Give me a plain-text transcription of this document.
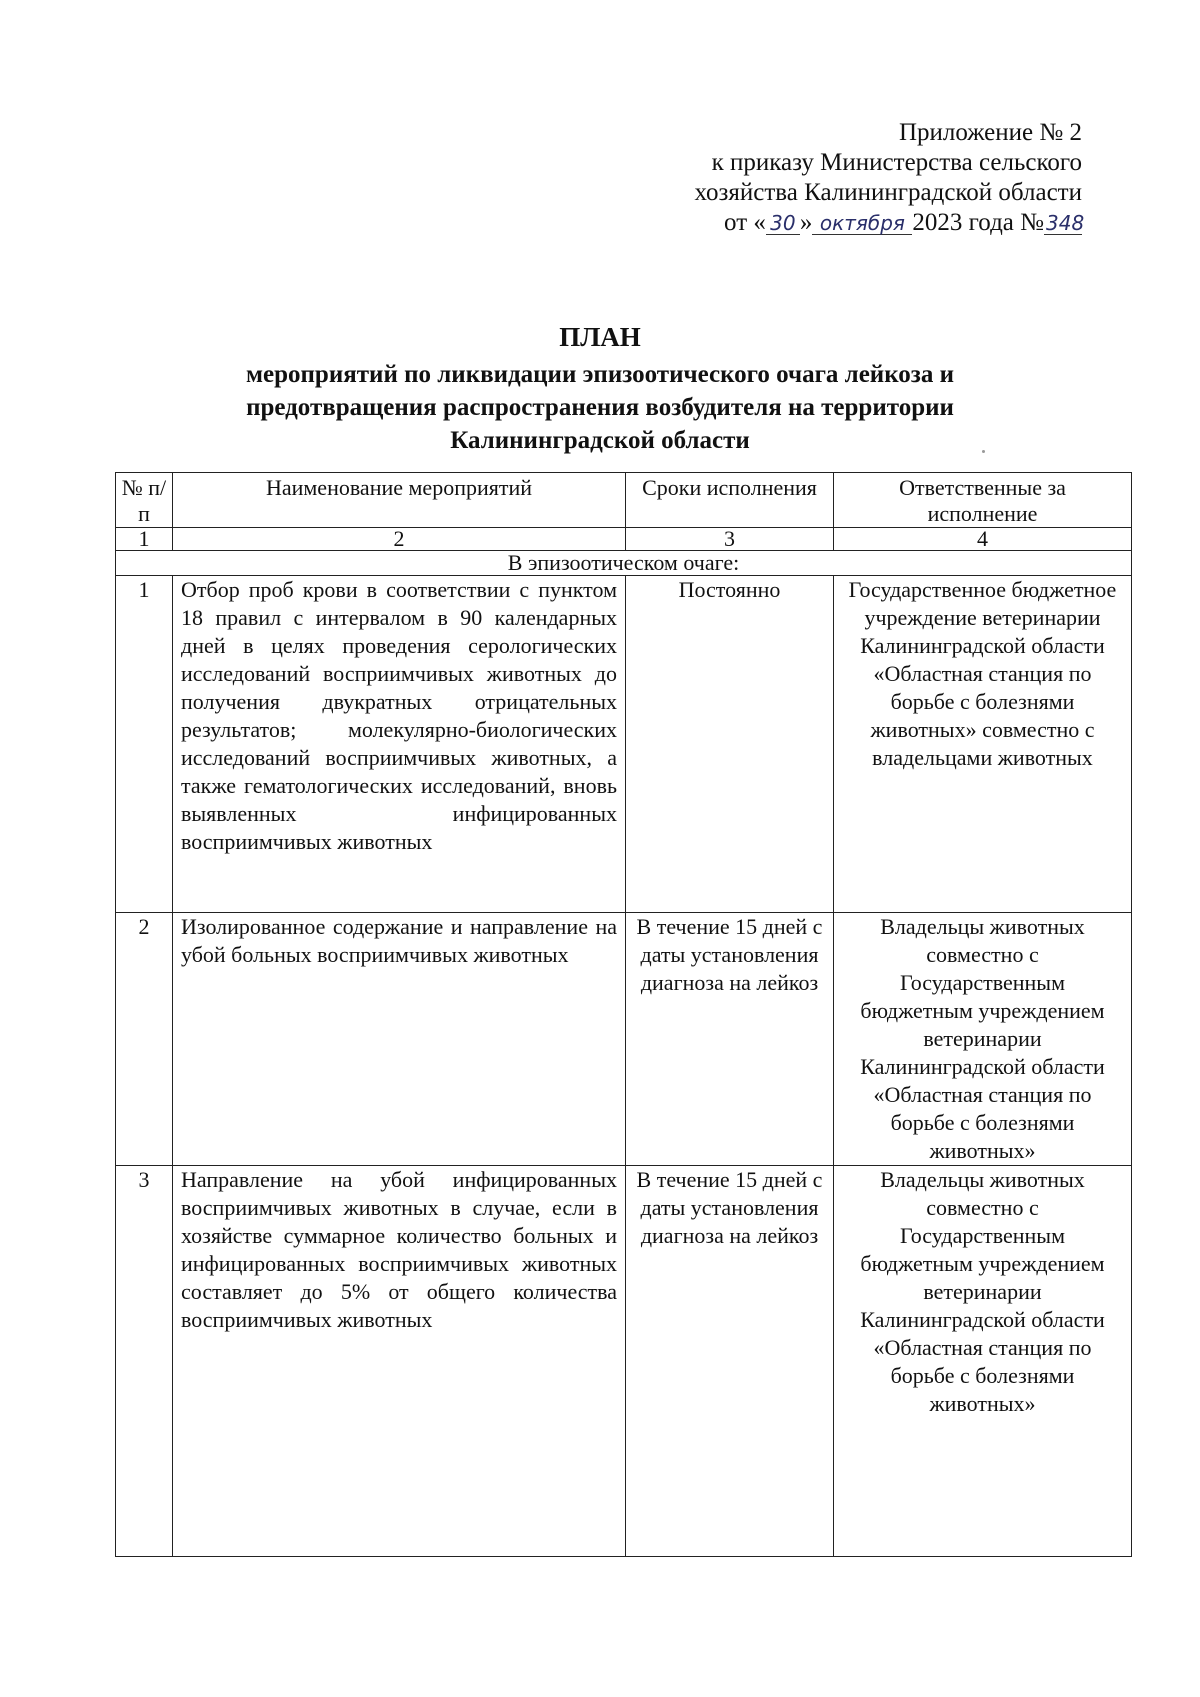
Приложение № 2
к приказу Министерства сельского
хозяйства Калининградской области
от « 30 » октября 2023 года № 348
ПЛАН
мероприятий по ликвидации эпизоотического очага лейкоза и
предотвращения распространения возбудителя на территории
Калининградской области
№ п/п	Наименование мероприятий	Сроки исполнения	Ответственные за исполнение
1	2	3	4
В эпизоотическом очаге:			
1	Отбор проб крови в соответствии с пунктом 18 правил с интервалом в 90 календарных дней в целях проведения серологических исследований восприимчивых животных до получения двукратных отрицательных результатов; молекулярно-биологических исследований восприимчивых животных, а также гематологических исследований, вновь выявленных инфицированных восприимчивых животных	Постоянно	Государственное бюджетное учреждение ветеринарии Калининградской области «Областная станция по борьбе с болезнями животных» совместно с владельцами животных
2	Изолированное содержание и направление на убой больных восприимчивых животных	В течение 15 дней с даты установления диагноза на лейкоз	Владельцы животных совместно с Государственным бюджетным учреждением ветеринарии Калининградской области «Областная станция по борьбе с болезнями животных»
3	Направление на убой инфицированных восприимчивых животных в случае, если в хозяйстве суммарное количество больных и инфицированных восприимчивых животных составляет до 5% от общего количества восприимчивых животных	В течение 15 дней с даты установления диагноза на лейкоз	Владельцы животных совместно с Государственным бюджетным учреждением ветеринарии Калининградской области «Областная станция по борьбе с болезнями животных»
